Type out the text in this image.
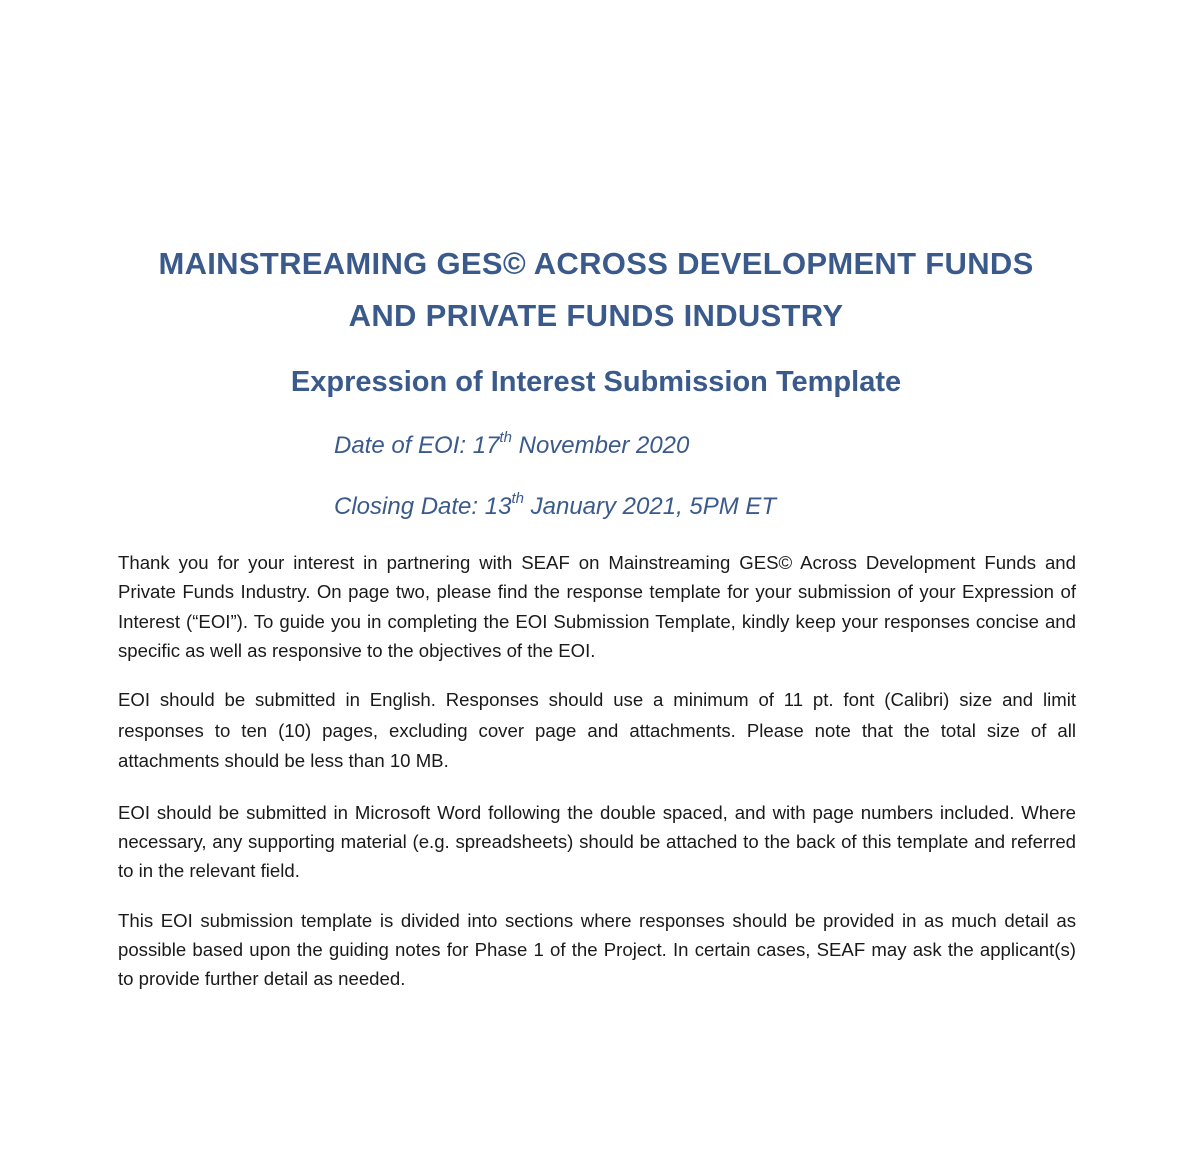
MAINSTREAMING GES© ACROSS DEVELOPMENT FUNDS
AND PRIVATE FUNDS INDUSTRY
Expression of Interest Submission Template
Date of EOI: 17th November 2020
Closing Date: 13th January 2021, 5PM ET

Thank you for your interest in partnering with SEAF on Mainstreaming GES© Across Development Funds and Private Funds Industry. On page two, please find the response template for your submission of your Expression of Interest (“EOI”). To guide you in completing the EOI Submission Template, kindly keep your responses concise and specific as well as responsive to the objectives of the EOI.

EOI should be submitted in English. Responses should use a minimum of 11 pt. font (Calibri) size and limit responses to ten (10) pages, excluding cover page and attachments. Please note that the total size of all attachments should be less than 10 MB.

EOI should be submitted in Microsoft Word following the double spaced, and with page numbers included. Where necessary, any supporting material (e.g. spreadsheets) should be attached to the back of this template and referred to in the relevant field.

This EOI submission template is divided into sections where responses should be provided in as much detail as possible based upon the guiding notes for Phase 1 of the Project. In certain cases, SEAF may ask the applicant(s) to provide further detail as needed.
